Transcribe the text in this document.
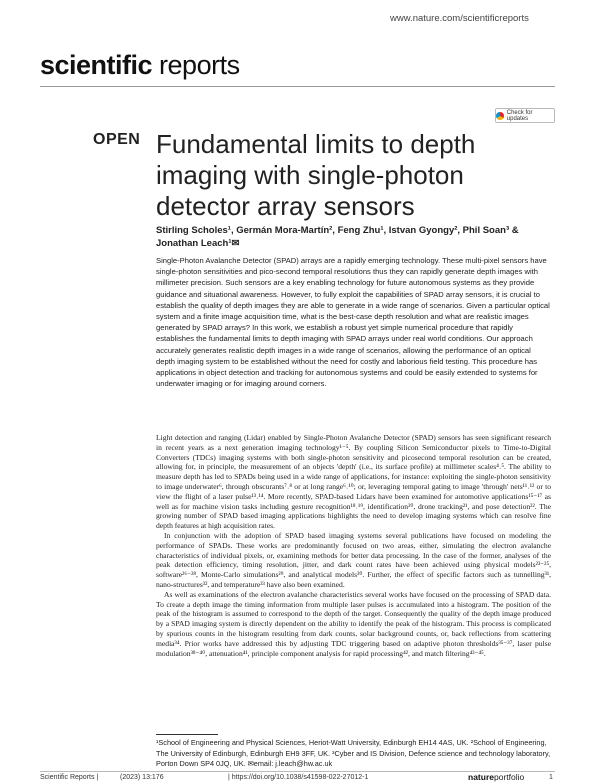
www.nature.com/scientificreports
scientific reports
Check for updates
OPEN Fundamental limits to depth imaging with single-photon detector array sensors
Stirling Scholes¹, Germán Mora-Martín², Feng Zhu¹, Istvan Gyongy², Phil Soan³ & Jonathan Leach¹✉

Single-Photon Avalanche Detector (SPAD) arrays are a rapidly emerging technology. These multi-pixel sensors have single-photon sensitivities and pico-second temporal resolutions thus they can rapidly generate depth images with millimeter precision. Such sensors are a key enabling technology for future autonomous systems as they provide guidance and situational awareness. However, to fully exploit the capabilities of SPAD array sensors, it is crucial to establish the quality of depth images they are able to generate in a wide range of scenarios. Given a particular optical system and a finite image acquisition time, what is the best-case depth resolution and what are realistic images generated by SPAD arrays? In this work, we establish a robust yet simple numerical procedure that rapidly establishes the fundamental limits to depth imaging with SPAD arrays under real world conditions. Our approach accurately generates realistic depth images in a wide range of scenarios, allowing the performance of an optical depth imaging system to be established without the need for costly and laborious field testing. This procedure has applications in object detection and tracking for autonomous systems and could be easily extended to systems for underwater imaging or for imaging around corners.

Light detection and ranging (Lidar) enabled by Single-Photon Avalanche Detector (SPAD) sensors has seen significant research in recent years as a next generation imaging technology¹⁻⁵. By coupling Silicon Semiconductor pixels to Time-to-Digital Converters (TDCs) imaging systems with both single-photon sensitivity and picosecond temporal resolution can be created, allowing for, in principle, the measurement of an objects 'depth' (i.e., its surface profile) at millimeter scales⁴˒⁵. The ability to measure depth has led to SPADs being used in a wide range of applications, for instance: exploiting the single-photon sensitivity to image underwater⁶, through obscurants⁷˒⁸ or at long range⁶˒¹⁰; or, leveraging temporal gating to image 'through' nets¹¹˒¹² or to view the flight of a laser pulse¹³˒¹⁴. More recently, SPAD-based Lidars have been examined for automotive applications¹⁵⁻¹⁷ as well as for machine vision tasks including gesture recognition¹⁸˒¹⁹, identification²⁰, drone tracking²¹, and pose detection²². The growing number of SPAD based imaging applications highlights the need to develop imaging systems which can resolve fine depth features at high acquisition rates.

In conjunction with the adoption of SPAD based imaging systems several publications have focused on modeling the performance of SPADs. These works are predominantly focused on two areas, either, simulating the electron avalanche characteristics of individual pixels, or, examining methods for better data processing. In the case of the former, analyses of the peak detection efficiency, timing resolution, jitter, and dark count rates have been achieved using physical models²³⁻²⁵, software²⁶⁻²⁸, Monte-Carlo simulations²⁹, and analytical models³⁰. Further, the effect of specific factors such as tunnelling³¹, nano-structures³², and temperature³³ have also been examined.

As well as examinations of the electron avalanche characteristics several works have focused on the processing of SPAD data. To create a depth image the timing information from multiple laser pulses is accumulated into a histogram. The position of the peak of the histogram is assumed to correspond to the depth of the target. Consequently the quality of the depth image produced by a SPAD imaging system is directly dependent on the ability to identify the peak of the histogram. This process is complicated by spurious counts in the histogram resulting from dark counts, solar background counts, or, back reflections from scattering media³⁴. Prior works have addressed this by adjusting TDC triggering based on adaptive photon thresholds³⁵⁻³⁷, laser pulse modulation³⁸⁻⁴⁰, attenuation⁴¹, principle component analysis for rapid processing⁴², and match filtering⁴³⁻⁴⁵.

¹School of Engineering and Physical Sciences, Heriot-Watt University, Edinburgh EH14 4AS, UK. ²School of Engineering, The University of Edinburgh, Edinburgh EH9 3FF, UK. ³Cyber and IS Division, Defence science and technology laboratory, Porton Down SP4 0JQ, UK. ✉email: j.leach@hw.ac.uk
Scientific Reports |	(2023) 13:176	| https://doi.org/10.1038/s41598-022-27012-1	natureportfolio	1
